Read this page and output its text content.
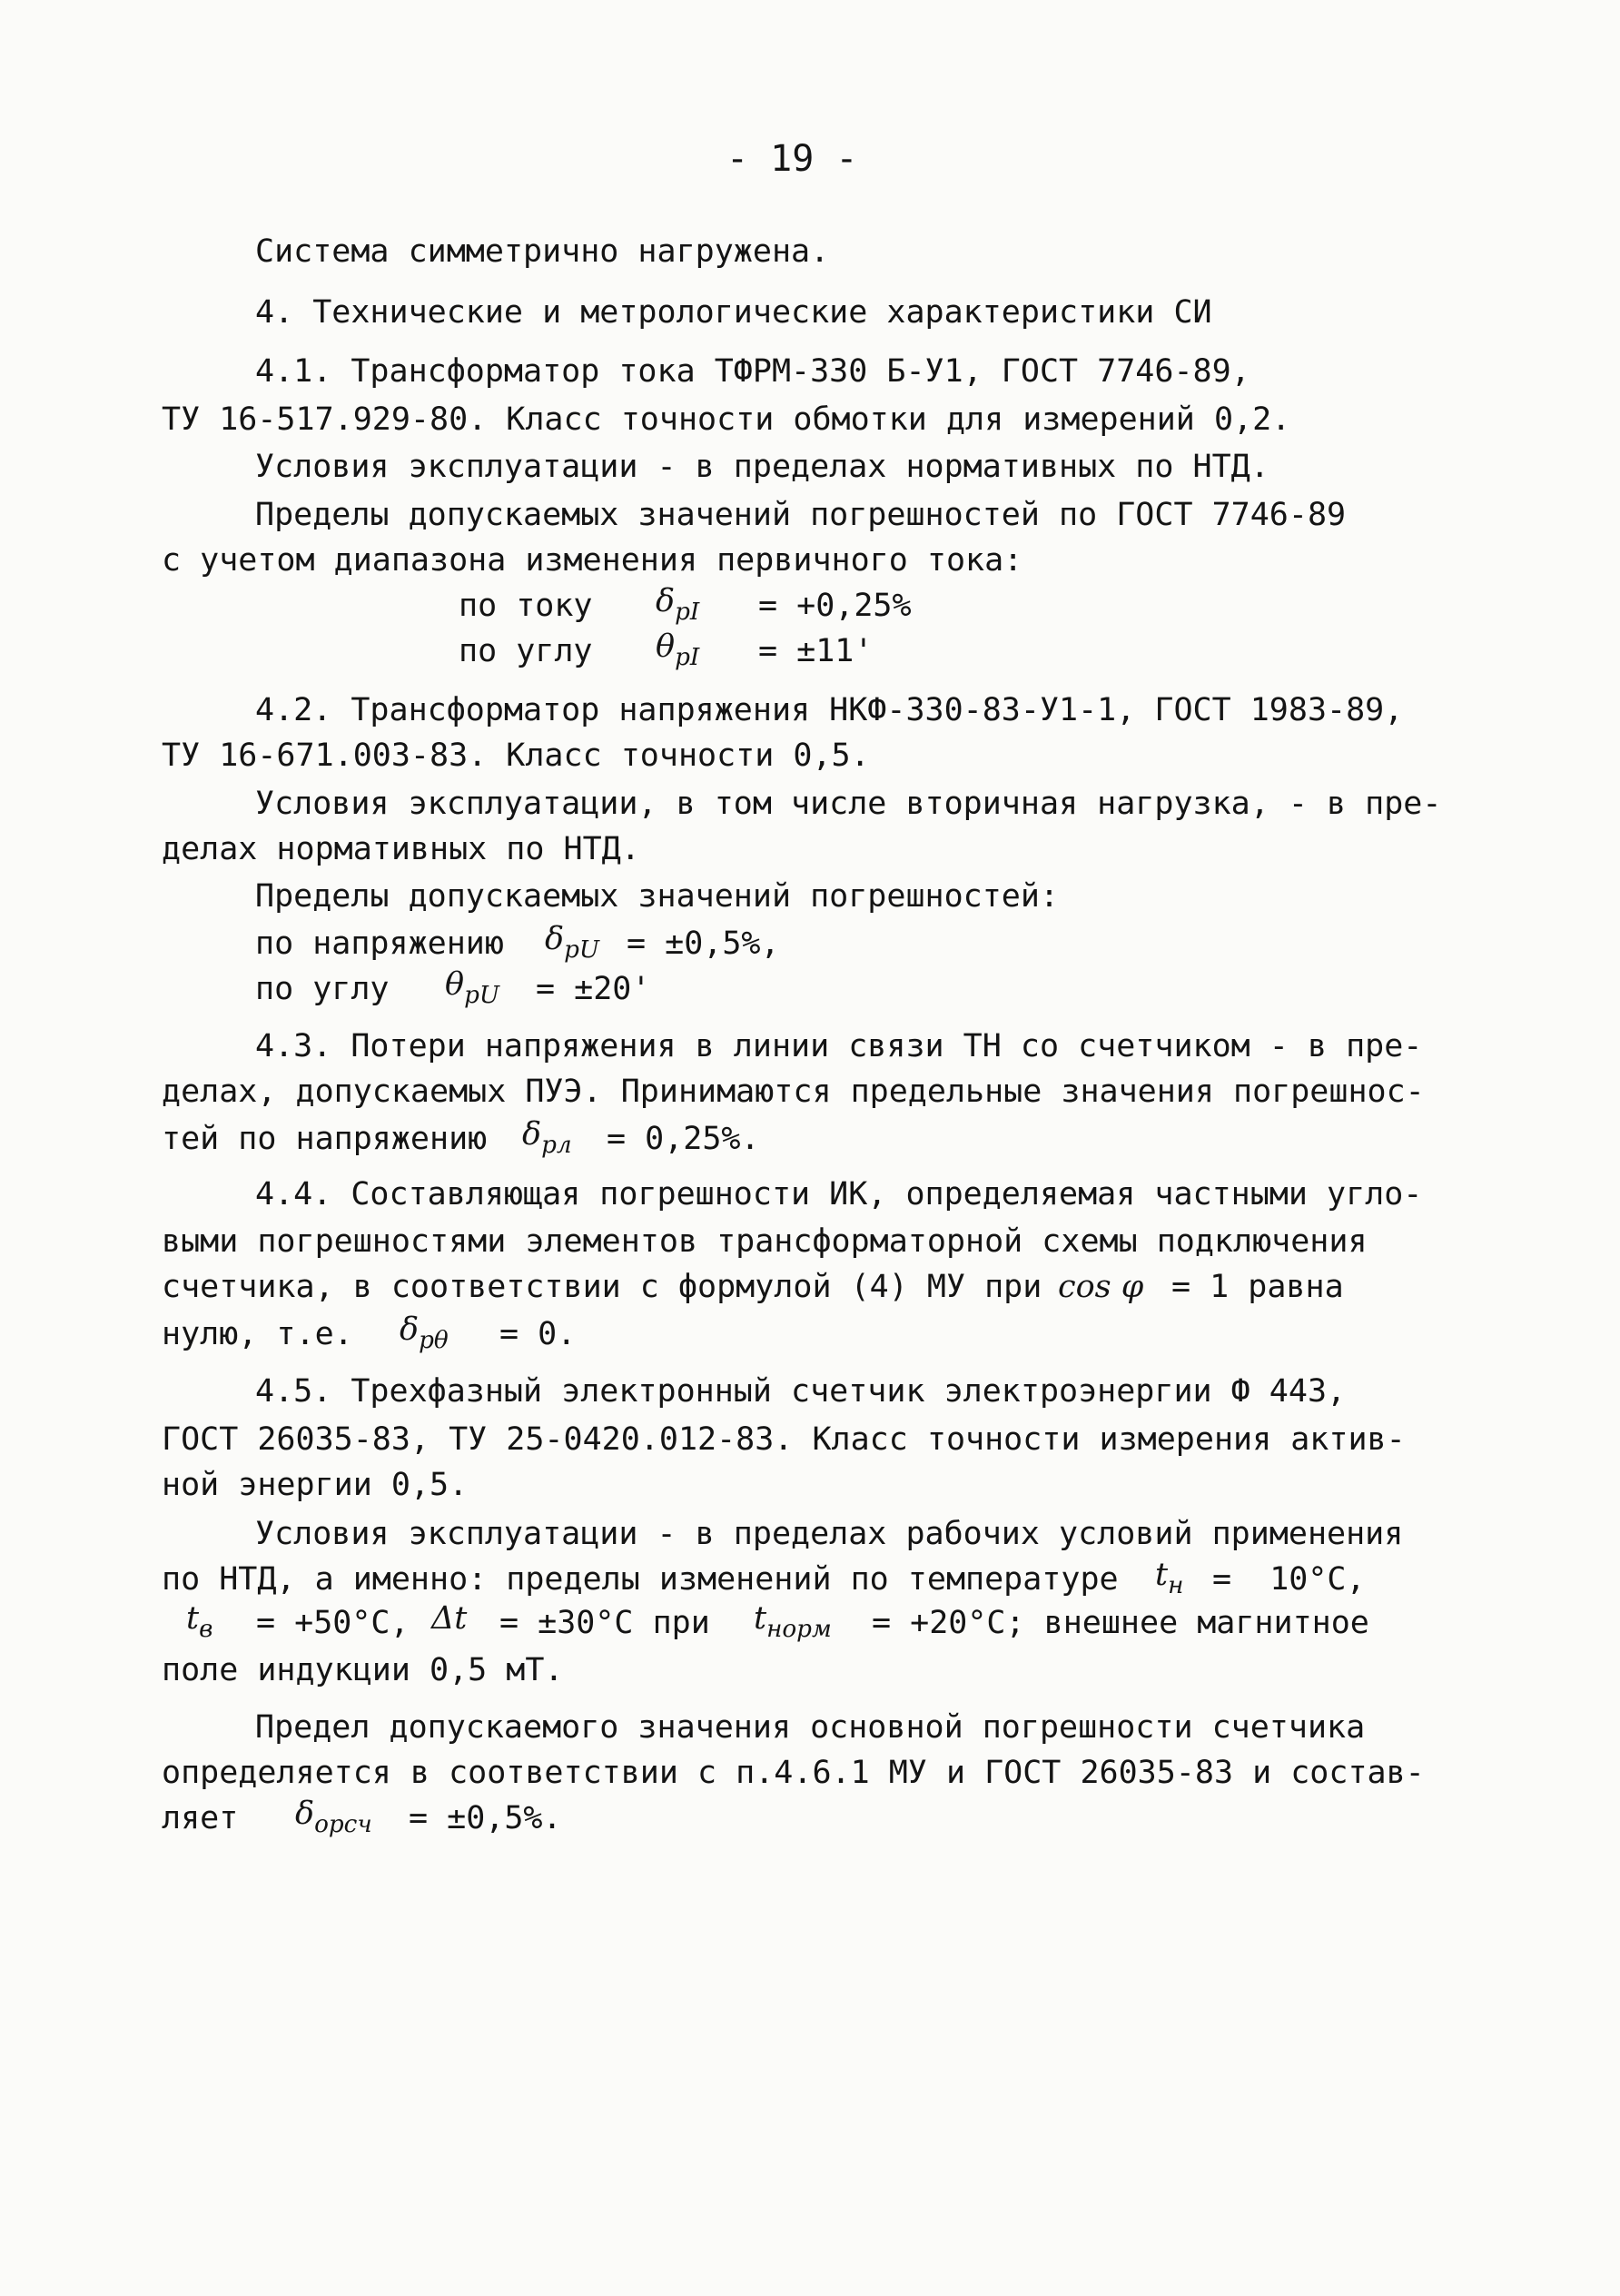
- 19 -
Система симметрично нагружена.
4. Технические и метрологические характеристики СИ
4.1. Трансформатор тока ТФРМ-330 Б-У1, ГОСТ 7746-89,
ТУ 16-517.929-80. Класс точности обмотки для измерений 0,2.
Условия эксплуатации - в пределах нормативных по НТД.
Пределы допускаемых значений погрешностей по ГОСТ 7746-89
с учетом диапазона изменения первичного тока:
по току $\delta_{pI} = +0,25\%$
по углу $\theta_{pI} = \pm 11'$
4.2. Трансформатор напряжения НКФ-330-83-У1-1, ГОСТ 1983-89,
ТУ 16-671.003-83. Класс точности 0,5.
Условия эксплуатации, в том числе вторичная нагрузка, - в пре-
делах нормативных по НТД.
Пределы допускаемых значений погрешностей:
по напряжению $\delta_{pU} = \pm 0,5\%$,
по углу $\theta_{pU} = \pm 20'$
4.3. Потери напряжения в линии связи ТН со счетчиком - в пре-
делах, допускаемых ПУЭ. Принимаются предельные значения погрешнос-
тей по напряжению $\delta_{рл} = 0,25\%$.
4.4. Составляющая погрешности ИК, определяемая частными угло-
выми погрешностями элементов трансформаторной схемы подключения
счетчика, в соответствии с формулой (4) МУ при cos φ = 1 равна
нулю, т.е. $\delta_{p\theta} = 0$.
4.5. Трехфазный электронный счетчик электроэнергии Ф 443,
ГОСТ 26035-83, ТУ 25-0420.012-83. Класс точности измерения актив-
ной энергии 0,5.
Условия эксплуатации - в пределах рабочих условий применения
по НТД, а именно: пределы изменений по температуре $t_н = 10^\circ С$,
$t_в = +50^\circ С$, Δt = ±30°С при $t_{норм} = +20^\circ С$; внешнее магнитное
поле индукции 0,5 мТ.
Предел допускаемого значения основной погрешности счетчика
определяется в соответствии с п.4.6.1 МУ и ГОСТ 26035-83 и состав-
ляет $\delta_{орсч} = \pm 0,5\%$.
